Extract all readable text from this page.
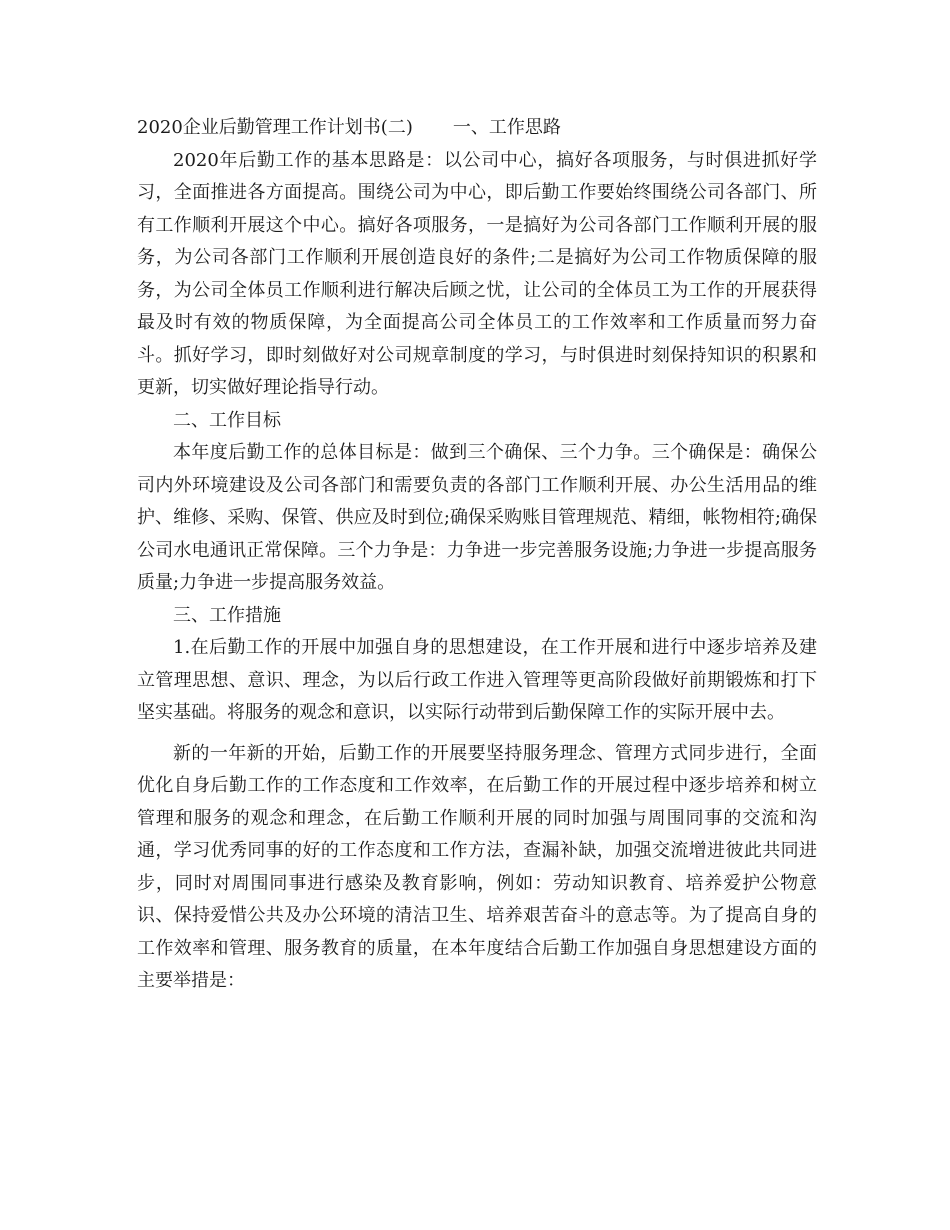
2020企业后勤管理工作计划书(二) 一、工作思路

2020年后勤工作的基本思路是：以公司中心，搞好各项服务，与时俱进抓好学习，全面推进各方面提高。围绕公司为中心，即后勤工作要始终围绕公司各部门、所有工作顺利开展这个中心。搞好各项服务，一是搞好为公司各部门工作顺利开展的服务，为公司各部门工作顺利开展创造良好的条件;二是搞好为公司工作物质保障的服务，为公司全体员工作顺利进行解决后顾之忧，让公司的全体员工为工作的开展获得最及时有效的物质保障，为全面提高公司全体员工的工作效率和工作质量而努力奋斗。抓好学习，即时刻做好对公司规章制度的学习，与时俱进时刻保持知识的积累和更新，切实做好理论指导行动。

二、工作目标

本年度后勤工作的总体目标是：做到三个确保、三个力争。三个确保是：确保公司内外环境建设及公司各部门和需要负责的各部门工作顺利开展、办公生活用品的维护、维修、采购、保管、供应及时到位;确保采购账目管理规范、精细，帐物相符;确保公司水电通讯正常保障。三个力争是：力争进一步完善服务设施;力争进一步提高服务质量;力争进一步提高服务效益。

三、工作措施

1.在后勤工作的开展中加强自身的思想建设，在工作开展和进行中逐步培养及建立管理思想、意识、理念，为以后行政工作进入管理等更高阶段做好前期锻炼和打下坚实基础。将服务的观念和意识，以实际行动带到后勤保障工作的实际开展中去。

新的一年新的开始，后勤工作的开展要坚持服务理念、管理方式同步进行，全面优化自身后勤工作的工作态度和工作效率，在后勤工作的开展过程中逐步培养和树立管理和服务的观念和理念，在后勤工作顺利开展的同时加强与周围同事的交流和沟通，学习优秀同事的好的工作态度和工作方法，查漏补缺，加强交流增进彼此共同进步，同时对周围同事进行感染及教育影响，例如：劳动知识教育、培养爱护公物意识、保持爱惜公共及办公环境的清洁卫生、培养艰苦奋斗的意志等。为了提高自身的工作效率和管理、服务教育的质量，在本年度结合后勤工作加强自身思想建设方面的主要举措是：
